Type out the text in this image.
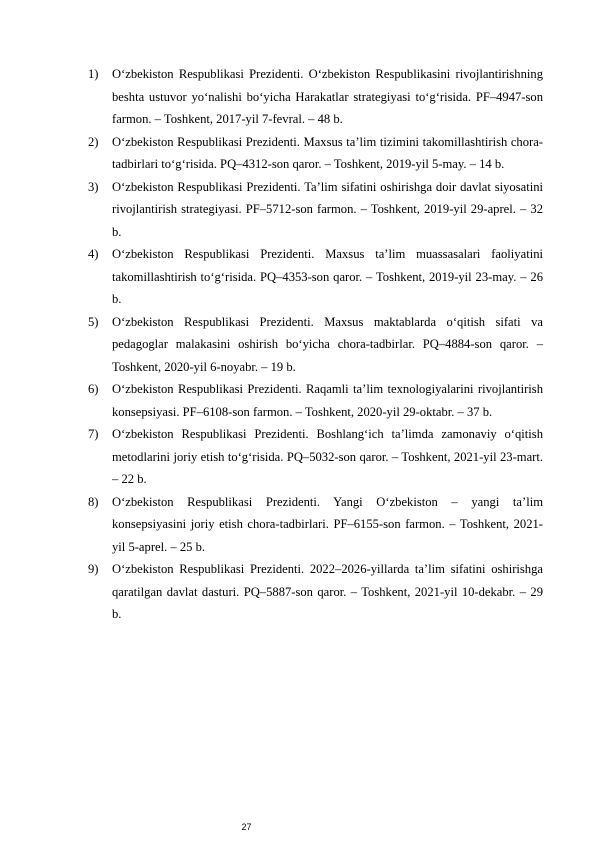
1)	O‘zbekiston Respublikasi Prezidenti. O‘zbekiston Respublikasini rivojlantirishning beshta ustuvor yo‘nalishi bo‘yicha Harakatlar strategiyasi to‘g‘risida. PF–4947-son farmon. – Toshkent, 2017-yil 7-fevral. – 48 b.
2)	O‘zbekiston Respublikasi Prezidenti. Maxsus ta’lim tizimini takomillashtirish chora-tadbirlari to‘g‘risida. PQ–4312-son qaror. – Toshkent, 2019-yil 5-may. – 14 b.
3)	O‘zbekiston Respublikasi Prezidenti. Ta’lim sifatini oshirishga doir davlat siyosatini rivojlantirish strategiyasi. PF–5712-son farmon. – Toshkent, 2019-yil 29-aprel. – 32 b.
4)	O‘zbekiston Respublikasi Prezidenti. Maxsus ta’lim muassasalari faoliyatini takomillashtirish to‘g‘risida. PQ–4353-son qaror. – Toshkent, 2019-yil 23-may. – 26 b.
5)	O‘zbekiston Respublikasi Prezidenti. Maxsus maktablarda o‘qitish sifati va pedagoglar malakasini oshirish bo‘yicha chora-tadbirlar. PQ–4884-son qaror. – Toshkent, 2020-yil 6-noyabr. – 19 b.
6)	O‘zbekiston Respublikasi Prezidenti. Raqamli ta’lim texnologiyalarini rivojlantirish konsepsiyasi. PF–6108-son farmon. – Toshkent, 2020-yil 29-oktabr. – 37 b.
7)	O‘zbekiston Respublikasi Prezidenti. Boshlang‘ich ta’limda zamonaviy o‘qitish metodlarini joriy etish to‘g‘risida. PQ–5032-son qaror. – Toshkent, 2021-yil 23-mart. – 22 b.
8)	O‘zbekiston Respublikasi Prezidenti. Yangi O‘zbekiston – yangi ta’lim konsepsiyasini joriy etish chora-tadbirlari. PF–6155-son farmon. – Toshkent, 2021-yil 5-aprel. – 25 b.
9)	O‘zbekiston Respublikasi Prezidenti. 2022–2026-yillarda ta’lim sifatini oshirishga qaratilgan davlat dasturi. PQ–5887-son qaror. – Toshkent, 2021-yil 10-dekabr. – 29 b.
27
